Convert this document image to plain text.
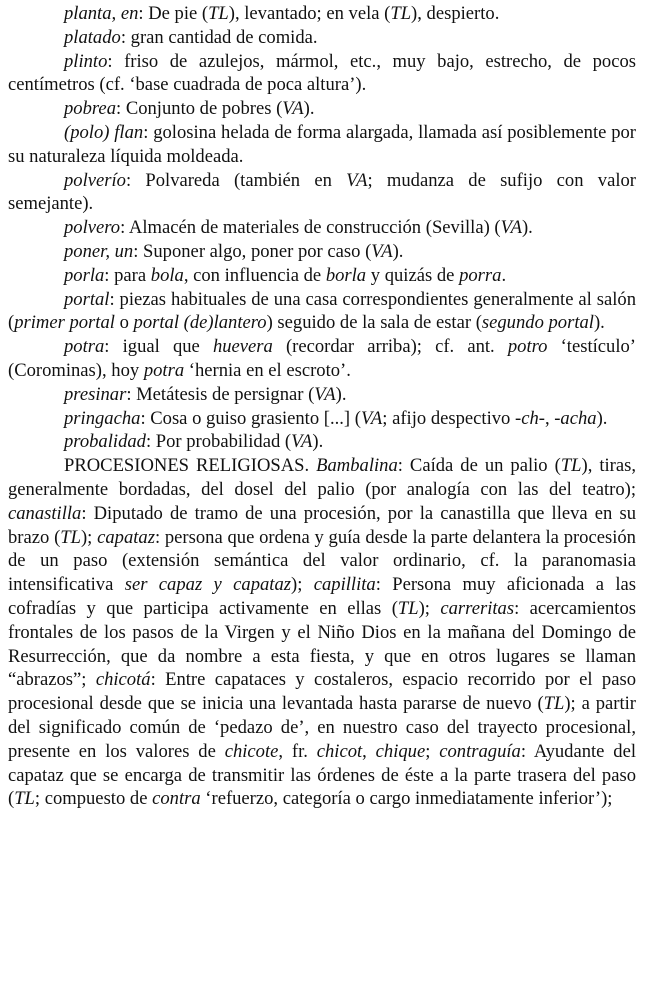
planta, en: De pie (TL), levantado; en vela (TL), despierto.

platado: gran cantidad de comida.

plinto: friso de azulejos, mármol, etc., muy bajo, estrecho, de pocos centímetros (cf. ‘base cuadrada de poca altura’).

pobrea: Conjunto de pobres (VA).

(polo) flan: golosina helada de forma alargada, llamada así posiblemente por su naturaleza líquida moldeada.

polverío: Polvareda (también en VA; mudanza de sufijo con valor semejante).

polvero: Almacén de materiales de construcción (Sevilla) (VA).

poner, un: Suponer algo, poner por caso (VA).

porla: para bola, con influencia de borla y quizás de porra.

portal: piezas habituales de una casa correspondientes generalmente al salón (primer portal o portal (de)lantero) seguido de la sala de estar (segundo portal).

potra: igual que huevera (recordar arriba); cf. ant. potro ‘testículo’ (Corominas), hoy potra ‘hernia en el escroto’.

presinar: Metátesis de persignar (VA).

pringacha: Cosa o guiso grasiento [...] (VA; afijo despectivo -ch-, -acha).

probalidad: Por probabilidad (VA).

PROCESIONES RELIGIOSAS. Bambalina: Caída de un palio (TL), tiras, generalmente bordadas, del dosel del palio (por analogía con las del teatro); canastilla: Diputado de tramo de una procesión, por la canastilla que lleva en su brazo (TL); capataz: persona que ordena y guía desde la parte delantera la procesión de un paso (extensión semántica del valor ordinario, cf. la paranomasia intensificativa ser capaz y capataz); capillita: Persona muy aficionada a las cofradías y que participa activamente en ellas (TL); carreritas: acercamientos frontales de los pasos de la Virgen y el Niño Dios en la mañana del Domingo de Resurrección, que da nombre a esta fiesta, y que en otros lugares se llaman “abrazos”; chicotá: Entre capataces y costaleros, espacio recorrido por el paso procesional desde que se inicia una levantada hasta pararse de nuevo (TL); a partir del significado común de ‘pedazo de’, en nuestro caso del trayecto procesional, presente en los valores de chicote, fr. chicot, chique; contraguía: Ayudante del capataz que se encarga de transmitir las órdenes de éste a la parte trasera del paso (TL; compuesto de contra ‘refuerzo, categoría o cargo inmediatamente inferior’);
